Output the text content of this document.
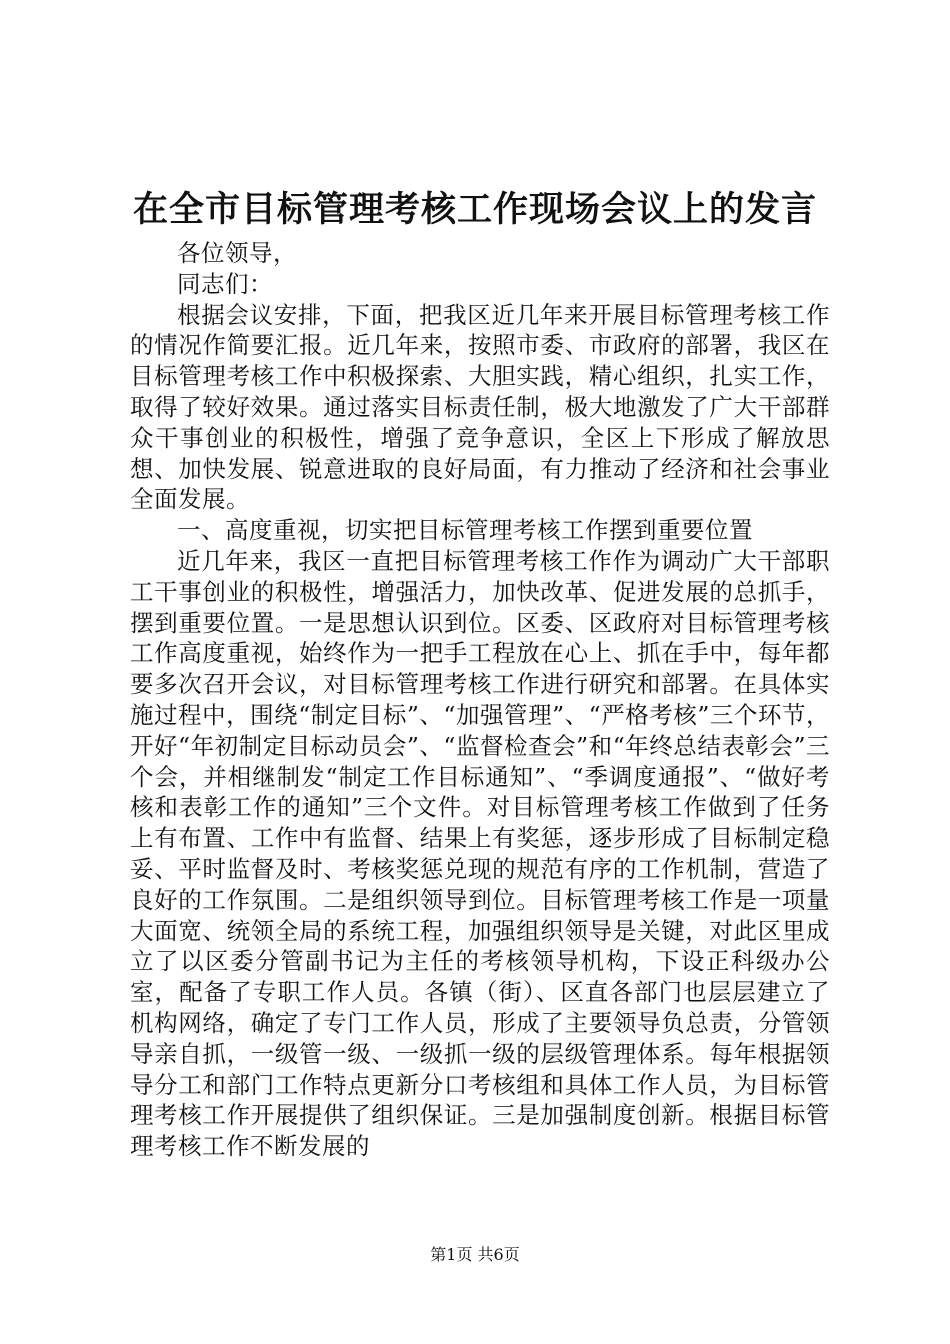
在全市目标管理考核工作现场会议上的发言

各位领导，

同志们：

根据会议安排，下面，把我区近几年来开展目标管理考核工作的情况作简要汇报。近几年来，按照市委、市政府的部署，我区在目标管理考核工作中积极探索、大胆实践，精心组织，扎实工作，取得了较好效果。通过落实目标责任制，极大地激发了广大干部群众干事创业的积极性，增强了竞争意识，全区上下形成了解放思想、加快发展、锐意进取的良好局面，有力推动了经济和社会事业全面发展。

一、高度重视，切实把目标管理考核工作摆到重要位置

近几年来，我区一直把目标管理考核工作作为调动广大干部职工干事创业的积极性，增强活力，加快改革、促进发展的总抓手，摆到重要位置。一是思想认识到位。区委、区政府对目标管理考核工作高度重视，始终作为一把手工程放在心上、抓在手中，每年都要多次召开会议，对目标管理考核工作进行研究和部署。在具体实施过程中，围绕“制定目标”、“加强管理”、“严格考核”三个环节，开好“年初制定目标动员会”、“监督检查会”和“年终总结表彰会”三个会，并相继制发“制定工作目标通知”、“季调度通报”、“做好考核和表彰工作的通知”三个文件。对目标管理考核工作做到了任务上有布置、工作中有监督、结果上有奖惩，逐步形成了目标制定稳妥、平时监督及时、考核奖惩兑现的规范有序的工作机制，营造了良好的工作氛围。二是组织领导到位。目标管理考核工作是一项量大面宽、统领全局的系统工程，加强组织领导是关键，对此区里成立了以区委分管副书记为主任的考核领导机构，下设正科级办公室，配备了专职工作人员。各镇（街）、区直各部门也层层建立了机构网络，确定了专门工作人员，形成了主要领导负总责，分管领导亲自抓，一级管一级、一级抓一级的层级管理体系。每年根据领导分工和部门工作特点更新分口考核组和具体工作人员，为目标管理考核工作开展提供了组织保证。三是加强制度创新。根据目标管理考核工作不断发展的

第1页 共6页
